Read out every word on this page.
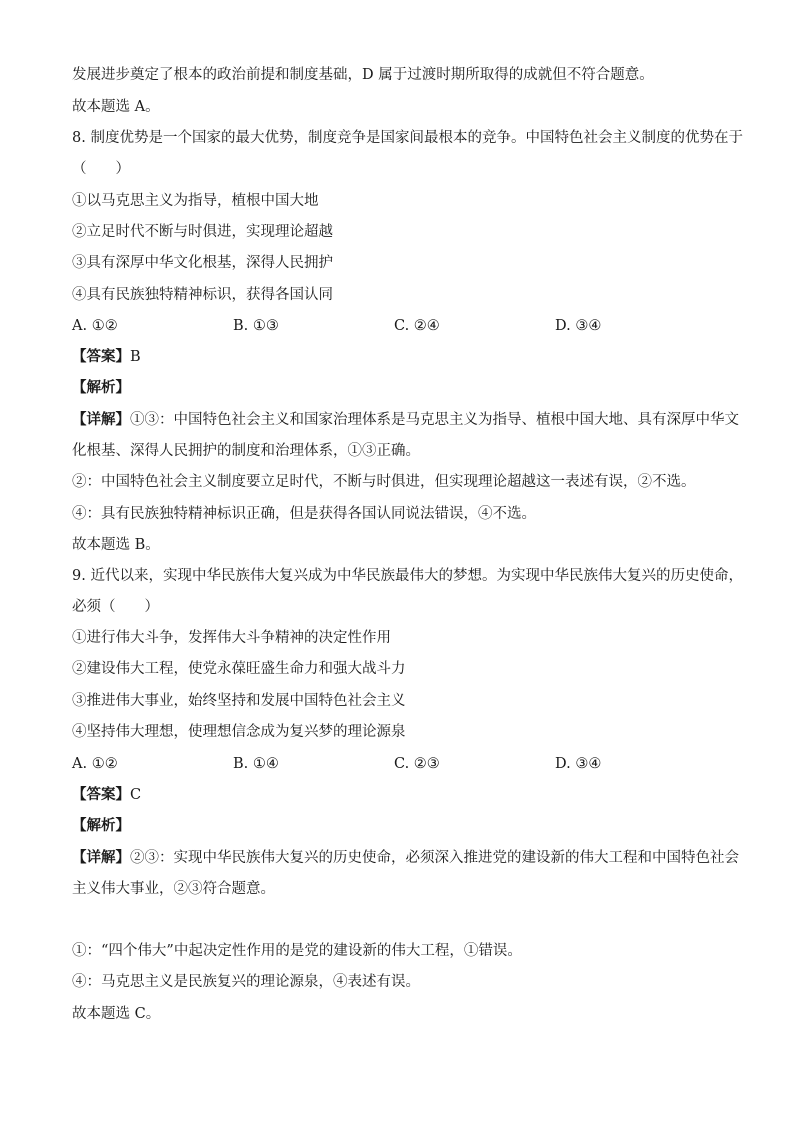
发展进步奠定了根本的政治前提和制度基础，D 属于过渡时期所取得的成就但不符合题意。
故本题选 A。
8. 制度优势是一个国家的最大优势，制度竞争是国家间最根本的竞争。中国特色社会主义制度的优势在于
（　　）
①以马克思主义为指导，植根中国大地
②立足时代不断与时俱进，实现理论超越
③具有深厚中华文化根基，深得人民拥护
④具有民族独特精神标识，获得各国认同
A. ①②	B. ①③	C. ②④	D. ③④
【答案】B
【解析】
【详解】①③：中国特色社会主义和国家治理体系是马克思主义为指导、植根中国大地、具有深厚中华文
化根基、深得人民拥护的制度和治理体系，①③正确。
②：中国特色社会主义制度要立足时代，不断与时俱进，但实现理论超越这一表述有误，②不选。
④：具有民族独特精神标识正确，但是获得各国认同说法错误，④不选。
故本题选 B。
9. 近代以来，实现中华民族伟大复兴成为中华民族最伟大的梦想。为实现中华民族伟大复兴的历史使命，
必须（　　）
①进行伟大斗争，发挥伟大斗争精神的决定性作用
②建设伟大工程，使党永葆旺盛生命力和强大战斗力
③推进伟大事业，始终坚持和发展中国特色社会主义
④坚持伟大理想，使理想信念成为复兴梦的理论源泉
A. ①②	B. ①④	C. ②③	D. ③④
【答案】C
【解析】
【详解】②③：实现中华民族伟大复兴的历史使命，必须深入推进党的建设新的伟大工程和中国特色社会
主义伟大事业，②③符合题意。
①：“四个伟大”中起决定性作用的是党的建设新的伟大工程，①错误。
④：马克思主义是民族复兴的理论源泉，④表述有误。
故本题选 C。
